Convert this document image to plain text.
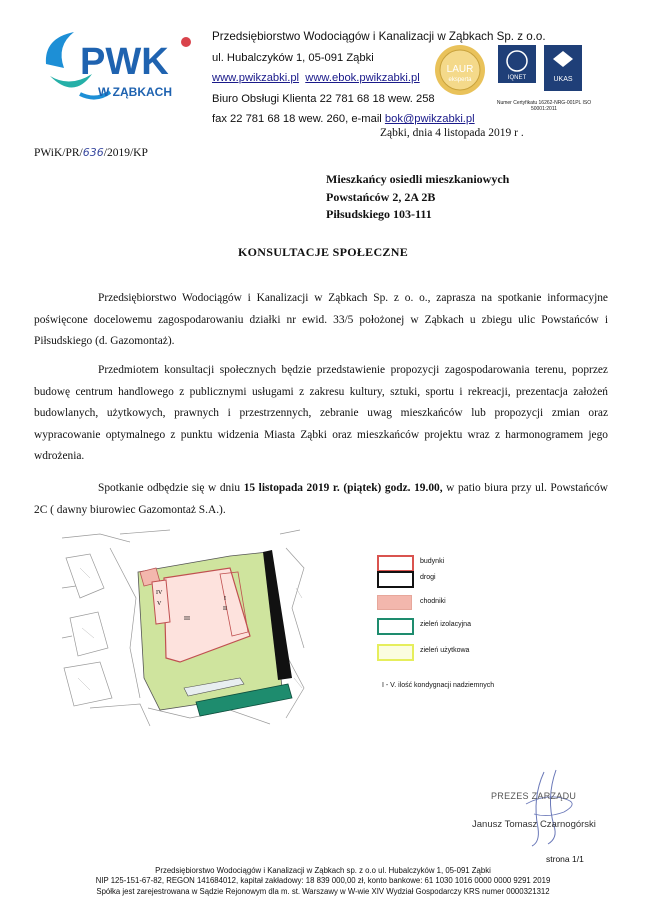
PWK
W ZĄBKACH
Przedsiębiorstwo Wodociągów i Kanalizacji w Ząbkach Sp. z o.o.
ul. Hubalczyków 1, 05-091 Ząbki
www.pwikzabki.pl www.ebok.pwikzabki.pl
Biuro Obsługi Klienta 22 781 68 18 wew. 258
fax 22 781 68 18 wew. 260, e-mail bok@pwikzabki.pl
LAUR
eksperta	IQNET	UKAS
Numer Certyfikatu 16262-NRG-001PL ISO 50001:2011
Ząbki, dnia 4 listopada 2019 r .
PWiK/PR/636/2019/KP
Mieszkańcy osiedli mieszkaniowych
Powstańców 2, 2A 2B
Piłsudskiego 103-111
KONSULTACJE SPOŁECZNE
Przedsiębiorstwo Wodociągów i Kanalizacji w Ząbkach Sp. z o. o., zaprasza na spotkanie informacyjne poświęcone docelowemu zagospodarowaniu działki nr ewid. 33/5 położonej w Ząbkach u zbiegu ulic Powstańców i Piłsudskiego (d. Gazomontaż).
Przedmiotem konsultacji społecznych będzie przedstawienie propozycji zagospodarowania terenu, poprzez budowę centrum handlowego z publicznymi usługami z zakresu kultury, sztuki, sportu i rekreacji, prezentacja założeń budowlanych, użytkowych, prawnych i przestrzennych, zebranie uwag mieszkańców lub propozycji zmian oraz wypracowanie optymalnego z punktu widzenia Miasta Ząbki oraz mieszkańców projektu wraz z harmonogramem jego wdrożenia.
Spotkanie odbędzie się w dniu 15 listopada 2019 r. (piątek) godz. 19.00, w patio biura przy ul. Powstańców 2C ( dawny biurowiec Gazomontaż S.A.).
IV
V
III
I
II
budynki
drogi
chodniki
zieleń izolacyjna
zieleń użytkowa
I - V. ilość kondygnacji nadziemnych
PREZES ZARZĄDU
Janusz Tomasz Czarnogórski
strona 1/1
Przedsiębiorstwo Wodociągów i Kanalizacji w Ząbkach sp. z o.o ul. Hubalczyków 1, 05-091 Ząbki
NIP 125-151-67-82, REGON 141684012, kapitał zakładowy: 18 839 000,00 zł, konto bankowe: 61 1030 1016 0000 0000 9291 2019
Spółka jest zarejestrowana w Sądzie Rejonowym dla m. st. Warszawy w W-wie XIV Wydział Gospodarczy KRS numer 0000321312
